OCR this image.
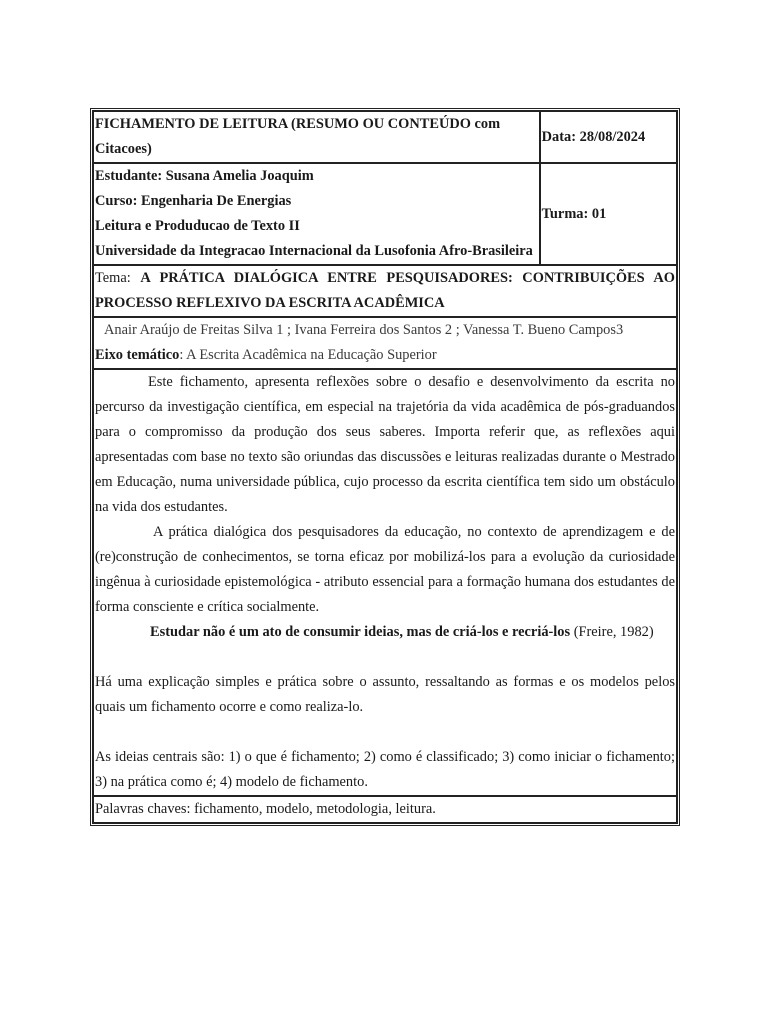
FICHAMENTO DE LEITURA (RESUMO OU CONTEÚDO com Citacoes)	Data: 28/08/2024

Estudante: Susana Amelia Joaquim

Curso: Engenharia De Energias

Leitura e Produducao de Texto II

Universidade da Integracao Internacional da Lusofonia Afro-Brasileira	Turma: 01
Tema: A PRÁTICA DIALÓGICA ENTRE PESQUISADORES: CONTRIBUIÇÕES AO PROCESSO REFLEXIVO DA ESCRITA ACADÊMICA	

Anair Araújo de Freitas Silva 1 ; Ivana Ferreira dos Santos 2 ; Vanessa T. Bueno Campos3

Eixo temático: A Escrita Acadêmica na Educação Superior	

Este fichamento, apresenta reflexões sobre o desafio e desenvolvimento da escrita no percurso da investigação científica, em especial na trajetória da vida acadêmica de pós-graduandos para o compromisso da produção dos seus saberes. Importa referir que, as reflexões aqui apresentadas com base no texto são oriundas das discussões e leituras realizadas durante o Mestrado em Educação, numa universidade pública, cujo processo da escrita científica tem sido um obstáculo na vida dos estudantes.

A prática dialógica dos pesquisadores da educação, no contexto de aprendizagem e de (re)construção de conhecimentos, se torna eficaz por mobilizá-los para a evolução da curiosidade ingênua à curiosidade epistemológica - atributo essencial para a formação humana dos estudantes de forma consciente e crítica socialmente.

Estudar não é um ato de consumir ideias, mas de criá-los e recriá-los (Freire, 1982)

Há uma explicação simples e prática sobre o assunto, ressaltando as formas e os modelos pelos quais um fichamento ocorre e como realiza-lo.

As ideias centrais são: 1) o que é fichamento; 2) como é classificado; 3) como iniciar o fichamento; 3) na prática como é; 4) modelo de fichamento.	

Palavras chaves: fichamento, modelo, metodologia, leitura.	
